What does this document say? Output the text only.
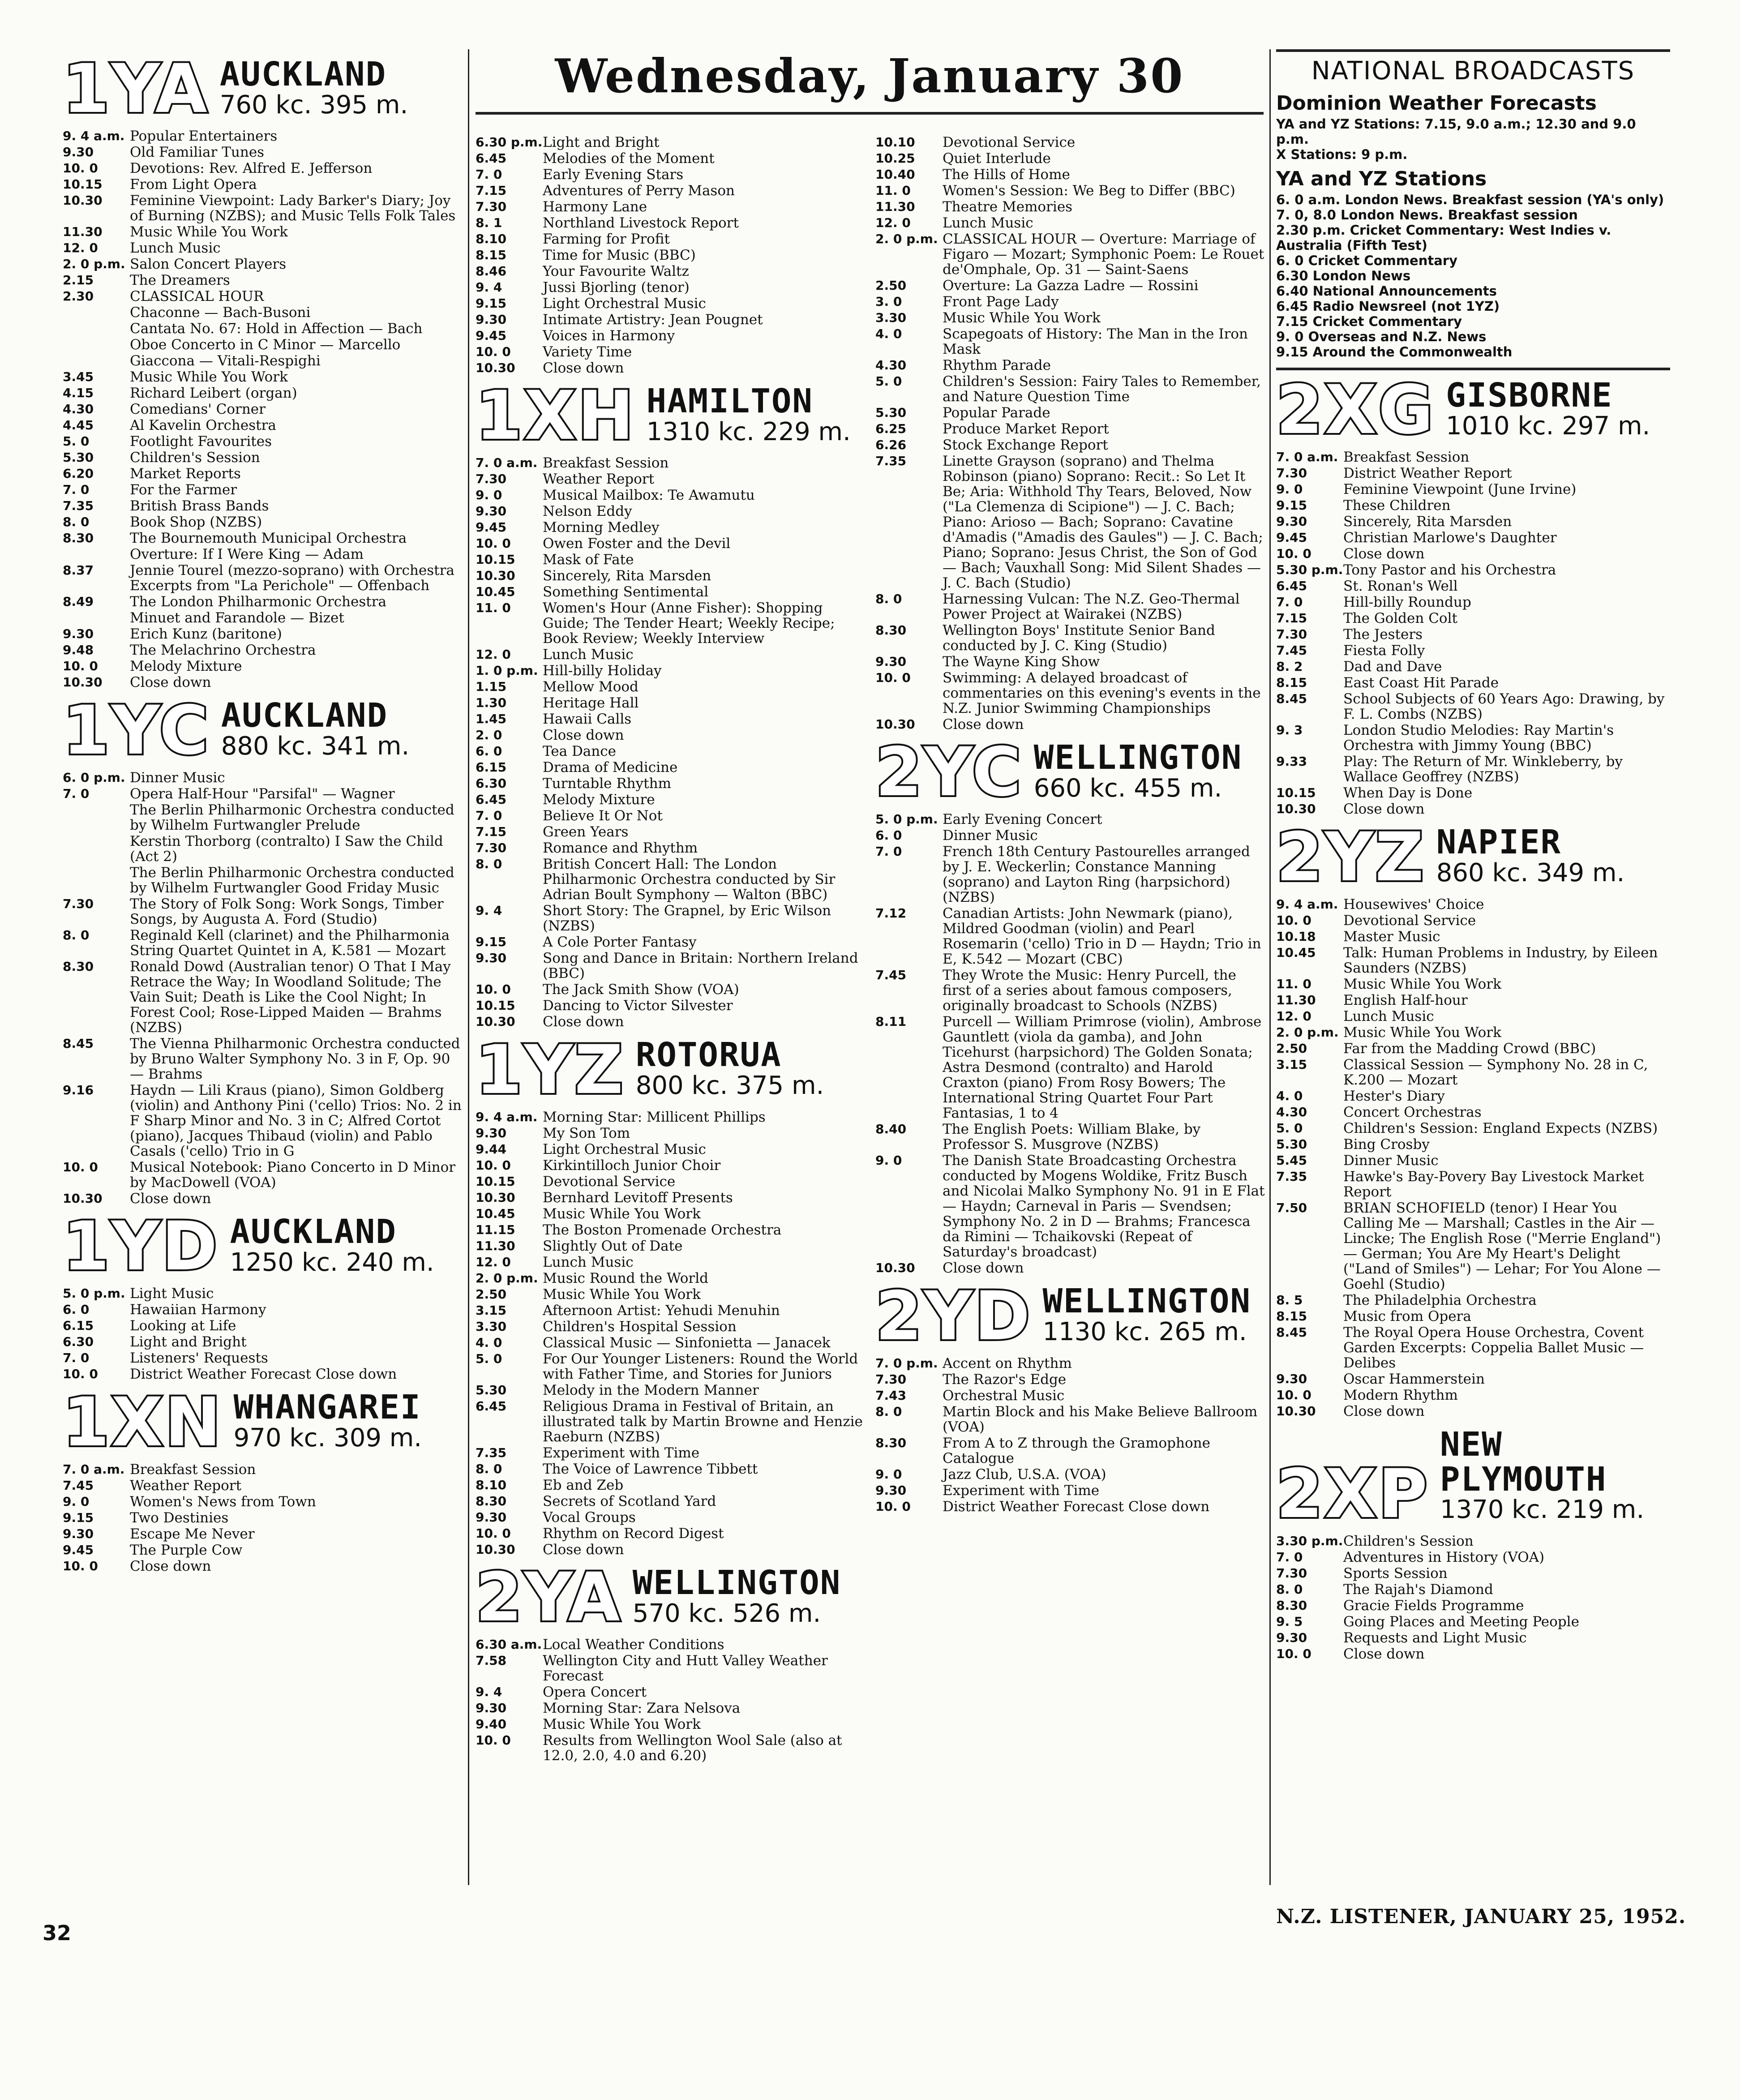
Wednesday, January 30
1YA AUCKLAND
760 kc. 395 m.
9. 4 a.m. Popular Entertainers
9.30	Old Familiar Tunes
10. 0	Devotions: Rev. Alfred E. Jefferson
10.15	From Light Opera
10.30	Feminine Viewpoint: Lady Barker's Diary; Joy of Burning (NZBS); and Music Tells Folk Tales
11.30	Music While You Work
12. 0	Lunch Music
2. 0 p.m. Salon Concert Players
2.15	The Dreamers
2.30	CLASSICAL HOUR
Chaconne — Bach-Busoni
Cantata No. 67: Hold in Affection — Bach
Oboe Concerto in C Minor — Marcello
Giaccona — Vitali-Respighi
3.45	Music While You Work
4.15	Richard Leibert (organ)
4.30	Comedians' Corner
4.45	Al Kavelin Orchestra
5. 0	Footlight Favourites
5.30	Children's Session
6.20	Market Reports
7. 0	For the Farmer
7.35	British Brass Bands
8. 0	Book Shop (NZBS)
8.30	The Bournemouth Municipal Orchestra
Overture: If I Were King — Adam
8.37	Jennie Tourel (mezzo-soprano) with Orchestra Excerpts from "La Perichole" — Offenbach
8.49	The London Philharmonic Orchestra
Minuet and Farandole — Bizet
9.30	Erich Kunz (baritone)
9.48	The Melachrino Orchestra
10. 0	Melody Mixture
10.30	Close down
1YC AUCKLAND
880 kc. 341 m.
6. 0 p.m. Dinner Music
7. 0	Opera Half-Hour "Parsifal" — Wagner
The Berlin Philharmonic Orchestra conducted by Wilhelm Furtwangler Prelude
Kerstin Thorborg (contralto) I Saw the Child (Act 2)
The Berlin Philharmonic Orchestra conducted by Wilhelm Furtwangler Good Friday Music
7.30	The Story of Folk Song: Work Songs, Timber Songs, by Augusta A. Ford (Studio)
8. 0	Reginald Kell (clarinet) and the Philharmonia String Quartet Quintet in A, K.581 — Mozart
8.30	Ronald Dowd (Australian tenor) O That I May Retrace the Way; In Woodland Solitude; The Vain Suit; Death is Like the Cool Night; In Forest Cool; Rose-Lipped Maiden — Brahms (NZBS)
8.45	The Vienna Philharmonic Orchestra conducted by Bruno Walter Symphony No. 3 in F, Op. 90 — Brahms
9.16	Haydn — Lili Kraus (piano), Simon Goldberg (violin) and Anthony Pini ('cello) Trios: No. 2 in F Sharp Minor and No. 3 in C; Alfred Cortot (piano), Jacques Thibaud (violin) and Pablo Casals ('cello) Trio in G
10. 0	Musical Notebook: Piano Concerto in D Minor by MacDowell (VOA)
10.30	Close down
1YD AUCKLAND
1250 kc. 240 m.
5. 0 p.m. Light Music
6. 0	Hawaiian Harmony
6.15	Looking at Life
6.30	Light and Bright
7. 0	Listeners' Requests
10. 0	District Weather Forecast Close down
1XN WHANGAREI
970 kc. 309 m.
7. 0 a.m. Breakfast Session
7.45	Weather Report
9. 0	Women's News from Town
9.15	Two Destinies
9.30	Escape Me Never
9.45	The Purple Cow
10. 0	Close down
6.30 p.m. Light and Bright
6.45	Melodies of the Moment
7. 0	Early Evening Stars
7.15	Adventures of Perry Mason
7.30	Harmony Lane
8. 1	Northland Livestock Report
8.10	Farming for Profit
8.15	Time for Music (BBC)
8.46	Your Favourite Waltz
9. 4	Jussi Bjorling (tenor)
9.15	Light Orchestral Music
9.30	Intimate Artistry: Jean Pougnet
9.45	Voices in Harmony
10. 0	Variety Time
10.30	Close down
1XH HAMILTON
1310 kc. 229 m.
7. 0 a.m. Breakfast Session
7.30	Weather Report
9. 0	Musical Mailbox: Te Awamutu
9.30	Nelson Eddy
9.45	Morning Medley
10. 0	Owen Foster and the Devil
10.15	Mask of Fate
10.30	Sincerely, Rita Marsden
10.45	Something Sentimental
11. 0	Women's Hour (Anne Fisher): Shopping Guide; The Tender Heart; Weekly Recipe; Book Review; Weekly Interview
12. 0	Lunch Music
1. 0 p.m. Hill-billy Holiday
1.15	Mellow Mood
1.30	Heritage Hall
1.45	Hawaii Calls
2. 0	Close down
6. 0	Tea Dance
6.15	Drama of Medicine
6.30	Turntable Rhythm
6.45	Melody Mixture
7. 0	Believe It Or Not
7.15	Green Years
7.30	Romance and Rhythm
8. 0	British Concert Hall: The London Philharmonic Orchestra conducted by Sir Adrian Boult Symphony — Walton (BBC)
9. 4	Short Story: The Grapnel, by Eric Wilson (NZBS)
9.15	A Cole Porter Fantasy
9.30	Song and Dance in Britain: Northern Ireland (BBC)
10. 0	The Jack Smith Show (VOA)
10.15	Dancing to Victor Silvester
10.30	Close down
1YZ ROTORUA
800 kc. 375 m.
9. 4 a.m. Morning Star: Millicent Phillips
9.30	My Son Tom
9.44	Light Orchestral Music
10. 0	Kirkintilloch Junior Choir
10.15	Devotional Service
10.30	Bernhard Levitoff Presents
10.45	Music While You Work
11.15	The Boston Promenade Orchestra
11.30	Slightly Out of Date
12. 0	Lunch Music
2. 0 p.m. Music Round the World
2.50	Music While You Work
3.15	Afternoon Artist: Yehudi Menuhin
3.30	Children's Hospital Session
4. 0	Classical Music — Sinfonietta — Janacek
5. 0	For Our Younger Listeners: Round the World with Father Time, and Stories for Juniors
5.30	Melody in the Modern Manner
6.45	Religious Drama in Festival of Britain, an illustrated talk by Martin Browne and Henzie Raeburn (NZBS)
7.35	Experiment with Time
8. 0	The Voice of Lawrence Tibbett
8.10	Eb and Zeb
8.30	Secrets of Scotland Yard
9.30	Vocal Groups
10. 0	Rhythm on Record Digest
10.30	Close down
2YA WELLINGTON
570 kc. 526 m.
6.30 a.m. Local Weather Conditions
7.58	Wellington City and Hutt Valley Weather Forecast
9. 4	Opera Concert
9.30	Morning Star: Zara Nelsova
9.40	Music While You Work
10. 0	Results from Wellington Wool Sale (also at 12.0, 2.0, 4.0 and 6.20)
10.10	Devotional Service
10.25	Quiet Interlude
10.40	The Hills of Home
11. 0	Women's Session: We Beg to Differ (BBC)
11.30	Theatre Memories
12. 0	Lunch Music
2. 0 p.m. CLASSICAL HOUR — Overture: Marriage of Figaro — Mozart; Symphonic Poem: Le Rouet de'Omphale, Op. 31 — Saint-Saens
2.50	Overture: La Gazza Ladre — Rossini
3. 0	Front Page Lady
3.30	Music While You Work
4. 0	Scapegoats of History: The Man in the Iron Mask
4.30	Rhythm Parade
5. 0	Children's Session: Fairy Tales to Remember, and Nature Question Time
5.30	Popular Parade
6.25	Produce Market Report
6.26	Stock Exchange Report
7.35	Linette Grayson (soprano) and Thelma Robinson (piano) Soprano: Recit.: So Let It Be; Aria: Withhold Thy Tears, Beloved, Now ("La Clemenza di Scipione") — J. C. Bach; Piano: Arioso — Bach; Soprano: Cavatine d'Amadis ("Amadis des Gaules") — J. C. Bach; Piano; Soprano: Jesus Christ, the Son of God — Bach; Vauxhall Song: Mid Silent Shades — J. C. Bach (Studio)
8. 0	Harnessing Vulcan: The N.Z. Geo-Thermal Power Project at Wairakei (NZBS)
8.30	Wellington Boys' Institute Senior Band conducted by J. C. King (Studio)
9.30	The Wayne King Show
10. 0	Swimming: A delayed broadcast of commentaries on this evening's events in the N.Z. Junior Swimming Championships
10.30	Close down
2YC WELLINGTON
660 kc. 455 m.
5. 0 p.m. Early Evening Concert
6. 0	Dinner Music
7. 0	French 18th Century Pastourelles arranged by J. E. Weckerlin; Constance Manning (soprano) and Layton Ring (harpsichord) (NZBS)
7.12	Canadian Artists: John Newmark (piano), Mildred Goodman (violin) and Pearl Rosemarin ('cello) Trio in D — Haydn; Trio in E, K.542 — Mozart (CBC)
7.45	They Wrote the Music: Henry Purcell, the first of a series about famous composers, originally broadcast to Schools (NZBS)
8.11	Purcell — William Primrose (violin), Ambrose Gauntlett (viola da gamba), and John Ticehurst (harpsichord) The Golden Sonata; Astra Desmond (contralto) and Harold Craxton (piano) From Rosy Bowers; The International String Quartet Four Part Fantasias, 1 to 4
8.40	The English Poets: William Blake, by Professor S. Musgrove (NZBS)
9. 0	The Danish State Broadcasting Orchestra conducted by Mogens Woldike, Fritz Busch and Nicolai Malko Symphony No. 91 in E Flat — Haydn; Carneval in Paris — Svendsen; Symphony No. 2 in D — Brahms; Francesca da Rimini — Tchaikovski (Repeat of Saturday's broadcast)
10.30	Close down
2YD WELLINGTON
1130 kc. 265 m.
7. 0 p.m. Accent on Rhythm
7.30	The Razor's Edge
7.43	Orchestral Music
8. 0	Martin Block and his Make Believe Ballroom (VOA)
8.30	From A to Z through the Gramophone Catalogue
9. 0	Jazz Club, U.S.A. (VOA)
9.30	Experiment with Time
10. 0	District Weather Forecast Close down
NATIONAL BROADCASTS
Dominion Weather Forecasts
YA and YZ Stations: 7.15, 9.0 a.m.; 12.30 and 9.0 p.m.
X Stations: 9 p.m.
YA and YZ Stations
6. 0 a.m. London News. Breakfast session (YA's only)
7. 0, 8.0 London News. Breakfast session
2.30 p.m. Cricket Commentary: West Indies v. Australia (Fifth Test)
6. 0 Cricket Commentary
6.30 London News
6.40 National Announcements
6.45 Radio Newsreel (not 1YZ)
7.15 Cricket Commentary
9. 0 Overseas and N.Z. News
9.15 Around the Commonwealth
2XG GISBORNE
1010 kc. 297 m.
7. 0 a.m. Breakfast Session
7.30	District Weather Report
9. 0	Feminine Viewpoint (June Irvine)
9.15	These Children
9.30	Sincerely, Rita Marsden
9.45	Christian Marlowe's Daughter
10. 0	Close down
5.30 p.m. Tony Pastor and his Orchestra
6.45	St. Ronan's Well
7. 0	Hill-billy Roundup
7.15	The Golden Colt
7.30	The Jesters
7.45	Fiesta Folly
8. 2	Dad and Dave
8.15	East Coast Hit Parade
8.45	School Subjects of 60 Years Ago: Drawing, by F. L. Combs (NZBS)
9. 3	London Studio Melodies: Ray Martin's Orchestra with Jimmy Young (BBC)
9.33	Play: The Return of Mr. Winkleberry, by Wallace Geoffrey (NZBS)
10.15	When Day is Done
10.30	Close down
2YZ NAPIER
860 kc. 349 m.
9. 4 a.m. Housewives' Choice
10. 0	Devotional Service
10.18	Master Music
10.45	Talk: Human Problems in Industry, by Eileen Saunders (NZBS)
11. 0	Music While You Work
11.30	English Half-hour
12. 0	Lunch Music
2. 0 p.m. Music While You Work
2.50	Far from the Madding Crowd (BBC)
3.15	Classical Session — Symphony No. 28 in C, K.200 — Mozart
4. 0	Hester's Diary
4.30	Concert Orchestras
5. 0	Children's Session: England Expects (NZBS)
5.30	Bing Crosby
5.45	Dinner Music
7.35	Hawke's Bay-Povery Bay Livestock Market Report
7.50	BRIAN SCHOFIELD (tenor) I Hear You Calling Me — Marshall; Castles in the Air — Lincke; The English Rose ("Merrie England") — German; You Are My Heart's Delight ("Land of Smiles") — Lehar; For You Alone — Goehl (Studio)
8. 5	The Philadelphia Orchestra
8.15	Music from Opera
8.45	The Royal Opera House Orchestra, Covent Garden Excerpts: Coppelia Ballet Music — Delibes
9.30	Oscar Hammerstein
10. 0	Modern Rhythm
10.30	Close down
2XP
NEW PLYMOUTH
1370 kc. 219 m.
3.30 p.m. Children's Session
7. 0	Adventures in History (VOA)
7.30	Sports Session
8. 0	The Rajah's Diamond
8.30	Gracie Fields Programme
9. 5	Going Places and Meeting People
9.30	Requests and Light Music
10. 0	Close down
32
N.Z. LISTENER, JANUARY 25, 1952.
